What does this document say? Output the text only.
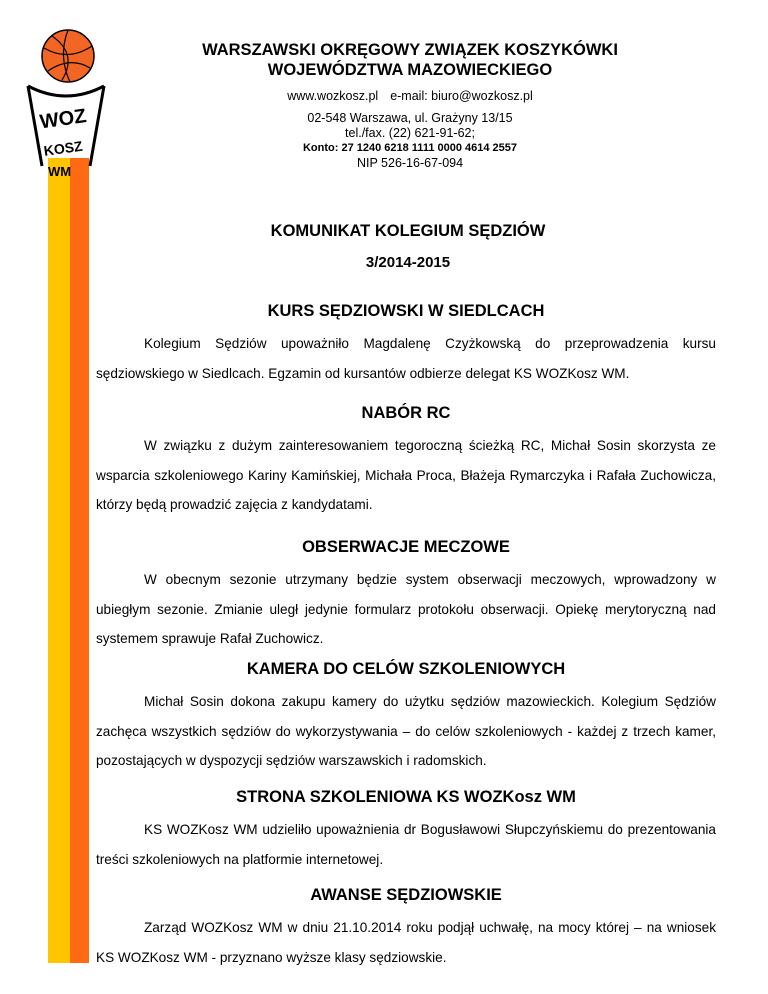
WOZ
KOSZ
WM
WARSZAWSKI OKRĘGOWY ZWIĄZEK KOSZYKÓWKI
WOJEWÓDZTWA MAZOWIECKIEGO
www.wozkosz.pl e-mail: biuro@wozkosz.pl
02-548 Warszawa, ul. Grażyny 13/15
tel./fax. (22) 621-91-62;
Konto: 27 1240 6218 1111 0000 4614 2557
NIP 526-16-67-094
KOMUNIKAT KOLEGIUM SĘDZIÓW
3/2014-2015
KURS SĘDZIOWSKI W SIEDLCACH

Kolegium Sędziów upoważniło Magdalenę Czyżkowską do przeprowadzenia kursu sędziowskiego w Siedlcach. Egzamin od kursantów odbierze delegat KS WOZKosz WM.

NABÓR RC

W związku z dużym zainteresowaniem tegoroczną ścieżką RC, Michał Sosin skorzysta ze wsparcia szkoleniowego Kariny Kamińskiej, Michała Proca, Błażeja Rymarczyka i Rafała Zuchowicza, którzy będą prowadzić zajęcia z kandydatami.

OBSERWACJE MECZOWE

W obecnym sezonie utrzymany będzie system obserwacji meczowych, wprowadzony w ubiegłym sezonie. Zmianie uległ jedynie formularz protokołu obserwacji. Opiekę merytoryczną nad systemem sprawuje Rafał Zuchowicz.

KAMERA DO CELÓW SZKOLENIOWYCH

Michał Sosin dokona zakupu kamery do użytku sędziów mazowieckich. Kolegium Sędziów zachęca wszystkich sędziów do wykorzystywania – do celów szkoleniowych - każdej z trzech kamer, pozostających w dyspozycji sędziów warszawskich i radomskich.

STRONA SZKOLENIOWA KS WOZKosz WM

KS WOZKosz WM udzieliło upoważnienia dr Bogusławowi Słupczyńskiemu do prezentowania treści szkoleniowych na platformie internetowej.

AWANSE SĘDZIOWSKIE

Zarząd WOZKosz WM w dniu 21.10.2014 roku podjął uchwałę, na mocy której – na wniosek KS WOZKosz WM - przyznano wyższe klasy sędziowskie.
